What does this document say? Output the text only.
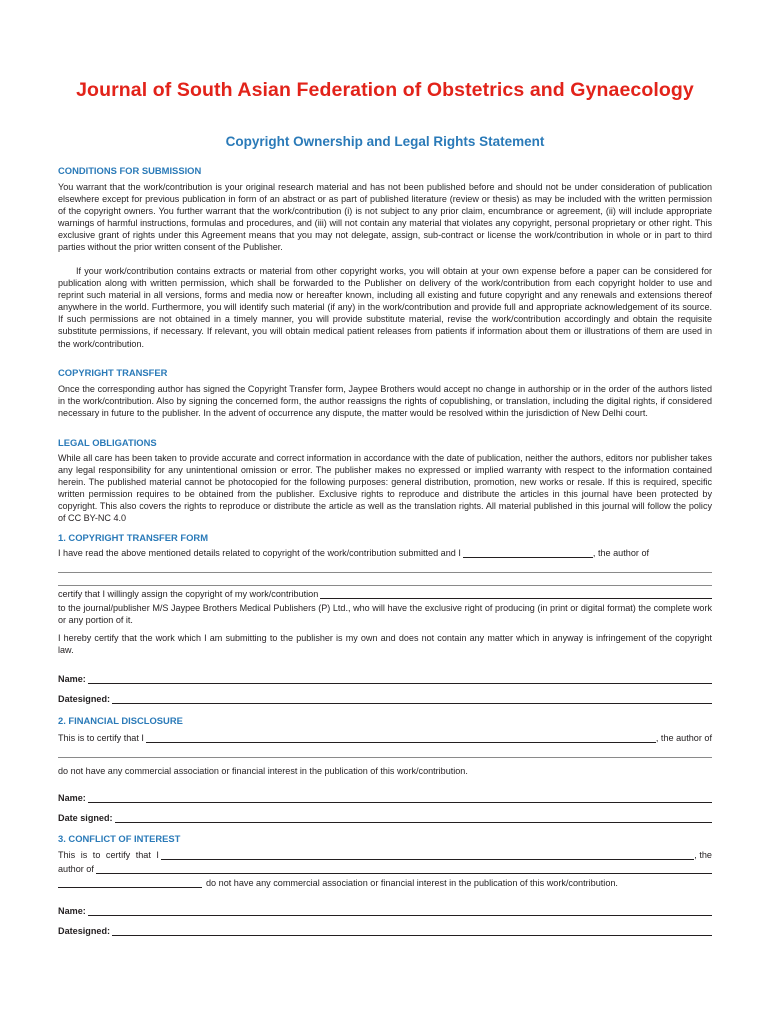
Journal of South Asian Federation of Obstetrics and Gynaecology
Copyright Ownership and Legal Rights Statement
CONDITIONS FOR SUBMISSION

You warrant that the work/contribution is your original research material and has not been published before and should not be under consideration of publication elsewhere except for previous publication in form of an abstract or as part of published literature (review or thesis) as may be included with the written permission of the copyright owners. You further warrant that the work/contribution (i) is not subject to any prior claim, encumbrance or agreement, (ii) will include appropriate warnings of harmful instructions, formulas and procedures, and (iii) will not contain any material that violates any copyright, personal proprietary or other right. This exclusive grant of rights under this Agreement means that you may not delegate, assign, sub-contract or license the work/contribution in whole or in part to third parties without the prior written consent of the Publisher.

If your work/contribution contains extracts or material from other copyright works, you will obtain at your own expense before a paper can be considered for publication along with written permission, which shall be forwarded to the Publisher on delivery of the work/contribution from each copyright holder to use and reprint such material in all versions, forms and media now or hereafter known, including all existing and future copyright and any renewals and extensions thereof anywhere in the world. Furthermore, you will identify such material (if any) in the work/contribution and provide full and appropriate acknowledgement of its source. If such permissions are not obtained in a timely manner, you will provide substitute material, revise the work/contribution accordingly and obtain the requisite substitute permissions, if necessary. If relevant, you will obtain medical patient releases from patients if information about them or illustrations of them are used in the work/contribution.

COPYRIGHT TRANSFER

Once the corresponding author has signed the Copyright Transfer form, Jaypee Brothers would accept no change in authorship or in the order of the authors listed in the work/contribution. Also by signing the concerned form, the author reassigns the rights of copublishing, or translation, including the digital rights, if considered necessary in future to the publisher. In the advent of occurrence any dispute, the matter would be resolved within the jurisdiction of New Delhi court.

LEGAL OBLIGATIONS

While all care has been taken to provide accurate and correct information in accordance with the date of publication, neither the authors, editors nor publisher takes any legal responsibility for any unintentional omission or error. The publisher makes no expressed or implied warranty with respect to the information contained herein. The published material cannot be photocopied for the following purposes: general distribution, promotion, new works or resale. If this is required, specific written permission requires to be obtained from the publisher. Exclusive rights to reproduce and distribute the articles in this journal have been protected by copyright. This also covers the rights to reproduce or distribute the article as well as the translation rights. All material published in this journal will follow the policy of CC BY-NC 4.0

1. COPYRIGHT TRANSFER FORM
I have read the above mentioned details related to copyright of the work/contribution submitted and I	, the author of
certify that I willingly assign the copyright of my work/contribution

to the journal/publisher M/S Jaypee Brothers Medical Publishers (P) Ltd., who will have the exclusive right of producing (in print or digital format) the complete work or any portion of it.

I hereby certify that the work which I am submitting to the publisher is my own and does not contain any matter which in anyway is infringement of the copyright law.

Name:
Datesigned:
2. FINANCIAL DISCLOSURE
This is to certify that I	, the author of
do not have any commercial association or financial interest in the publication of this work/contribution.
Name:
Date signed:
3. CONFLICT OF INTEREST
This is to certify that I	, the
author of
do not have any commercial association or financial interest in the publication of this work/contribution.
Name:
Datesigned:
